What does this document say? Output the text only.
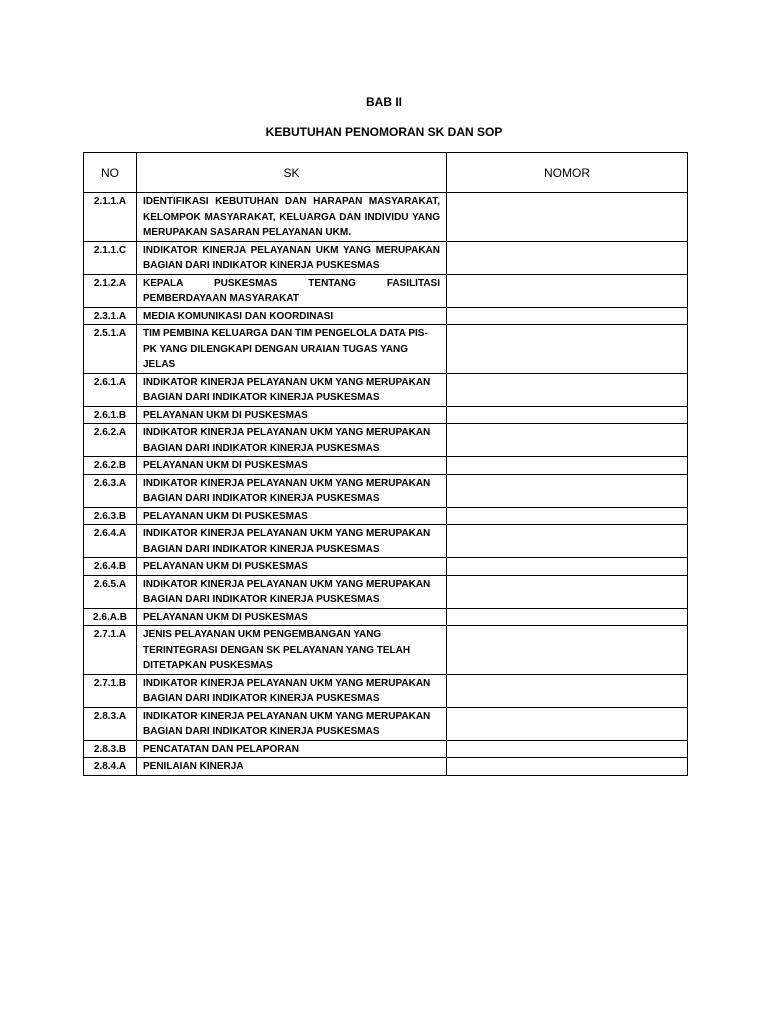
BAB II
KEBUTUHAN PENOMORAN SK DAN SOP
NO	SK	NOMOR
2.1.1.A	IDENTIFIKASI KEBUTUHAN DAN HARAPAN MASYARAKAT, KELOMPOK MASYARAKAT, KELUARGA DAN INDIVIDU YANG MERUPAKAN SASARAN PELAYANAN UKM.	
2.1.1.C	INDIKATOR KINERJA PELAYANAN UKM YANG MERUPAKAN BAGIAN DARI INDIKATOR KINERJA PUSKESMAS	
2.1.2.A	KEPALA PUSKESMAS TENTANG FASILITASI PEMBERDAYAAN MASYARAKAT	
2.3.1.A	MEDIA KOMUNIKASI DAN KOORDINASI	
2.5.1.A	TIM PEMBINA KELUARGA DAN TIM PENGELOLA DATA PIS-PK YANG DILENGKAPI DENGAN URAIAN TUGAS YANG JELAS	
2.6.1.A	INDIKATOR KINERJA PELAYANAN UKM YANG MERUPAKAN BAGIAN DARI INDIKATOR KINERJA PUSKESMAS	
2.6.1.B	PELAYANAN UKM DI PUSKESMAS	
2.6.2.A	INDIKATOR KINERJA PELAYANAN UKM YANG MERUPAKAN BAGIAN DARI INDIKATOR KINERJA PUSKESMAS	
2.6.2.B	PELAYANAN UKM DI PUSKESMAS	
2.6.3.A	INDIKATOR KINERJA PELAYANAN UKM YANG MERUPAKAN BAGIAN DARI INDIKATOR KINERJA PUSKESMAS	
2.6.3.B	PELAYANAN UKM DI PUSKESMAS	
2.6.4.A	INDIKATOR KINERJA PELAYANAN UKM YANG MERUPAKAN BAGIAN DARI INDIKATOR KINERJA PUSKESMAS	
2.6.4.B	PELAYANAN UKM DI PUSKESMAS	
2.6.5.A	INDIKATOR KINERJA PELAYANAN UKM YANG MERUPAKAN BAGIAN DARI INDIKATOR KINERJA PUSKESMAS	
2.6.A.B	PELAYANAN UKM DI PUSKESMAS	
2.7.1.A	JENIS PELAYANAN UKM PENGEMBANGAN YANG TERINTEGRASI DENGAN SK PELAYANAN YANG TELAH DITETAPKAN PUSKESMAS	
2.7.1.B	INDIKATOR KINERJA PELAYANAN UKM YANG MERUPAKAN BAGIAN DARI INDIKATOR KINERJA PUSKESMAS	
2.8.3.A	INDIKATOR KINERJA PELAYANAN UKM YANG MERUPAKAN BAGIAN DARI INDIKATOR KINERJA PUSKESMAS	
2.8.3.B	PENCATATAN DAN PELAPORAN	
2.8.4.A	PENILAIAN KINERJA	
